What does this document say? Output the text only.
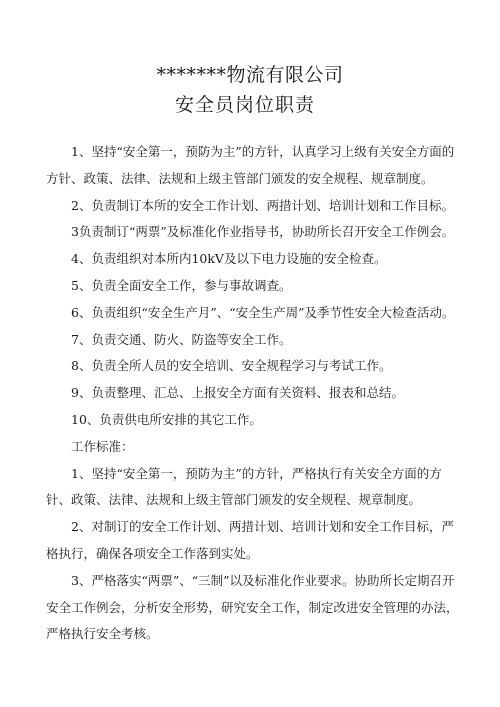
*******物流有限公司
安全员岗位职责

1、坚持“安全第一，预防为主”的方针，认真学习上级有关安全方面的方针、政策、法律、法规和上级主管部门颁发的安全规程、规章制度。

2、负责制订本所的安全工作计划、两措计划、培训计划和工作目标。

3负责制订“两票”及标准化作业指导书，协助所长召开安全工作例会。

4、负责组织对本所内10kV及以下电力设施的安全检查。

5、负责全面安全工作，参与事故调查。

6、负责组织“安全生产月”、“安全生产周”及季节性安全大检查活动。

7、负责交通、防火、防盗等安全工作。

8、负责全所人员的安全培训、安全规程学习与考试工作。

9、负责整理、汇总、上报安全方面有关资料、报表和总结。

10、负责供电所安排的其它工作。

工作标准：

1、坚持“安全第一，预防为主”的方针，严格执行有关安全方面的方针、政策、法律、法规和上级主管部门颁发的安全规程、规章制度。

2、对制订的安全工作计划、两措计划、培训计划和安全工作目标，严格执行，确保各项安全工作落到实处。

3、严格落实“两票”、“三制”以及标准化作业要求。协助所长定期召开安全工作例会，分析安全形势，研究安全工作，制定改进安全管理的办法，严格执行安全考核。
